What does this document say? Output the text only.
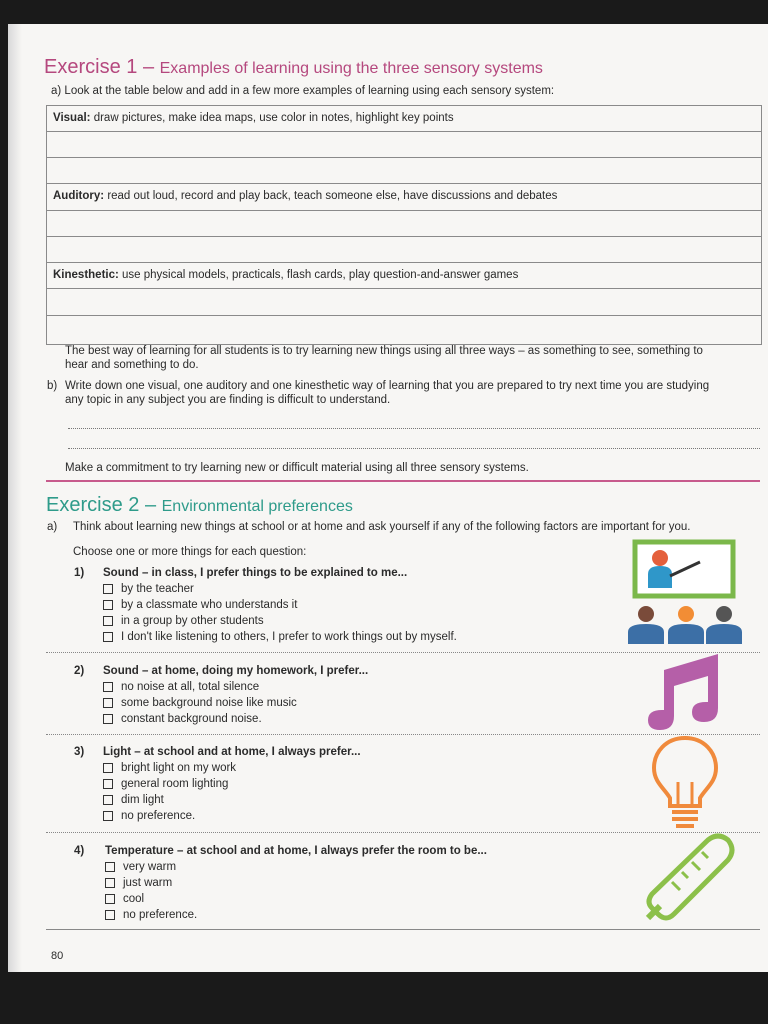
Exercise 1 – Examples of learning using the three sensory systems
a) Look at the table below and add in a few more examples of learning using each sensory system:
Visual: draw pictures, make idea maps, use color in notes, highlight key points
Auditory: read out loud, record and play back, teach someone else, have discussions and debates
Kinesthetic: use physical models, practicals, flash cards, play question-and-answer games
The best way of learning for all students is to try learning new things using all three ways – as something to see, something to
hear and something to do.
b) Write down one visual, one auditory and one kinesthetic way of learning that you are prepared to try next time you are studying
any topic in any subject you are finding is difficult to understand.
Make a commitment to try learning new or difficult material using all three sensory systems.
Exercise 2 – Environmental preferences
a) Think about learning new things at school or at home and ask yourself if any of the following factors are important for you.
Choose one or more things for each question:
1) Sound – in class, I prefer things to be explained to me...
by the teacher
by a classmate who understands it
in a group by other students
I don't like listening to others, I prefer to work things out by myself.
2) Sound – at home, doing my homework, I prefer...
no noise at all, total silence
some background noise like music
constant background noise.
3) Light – at school and at home, I always prefer...
bright light on my work
general room lighting
dim light
no preference.
4) Temperature – at school and at home, I always prefer the room to be...
very warm
just warm
cool
no preference.
80
